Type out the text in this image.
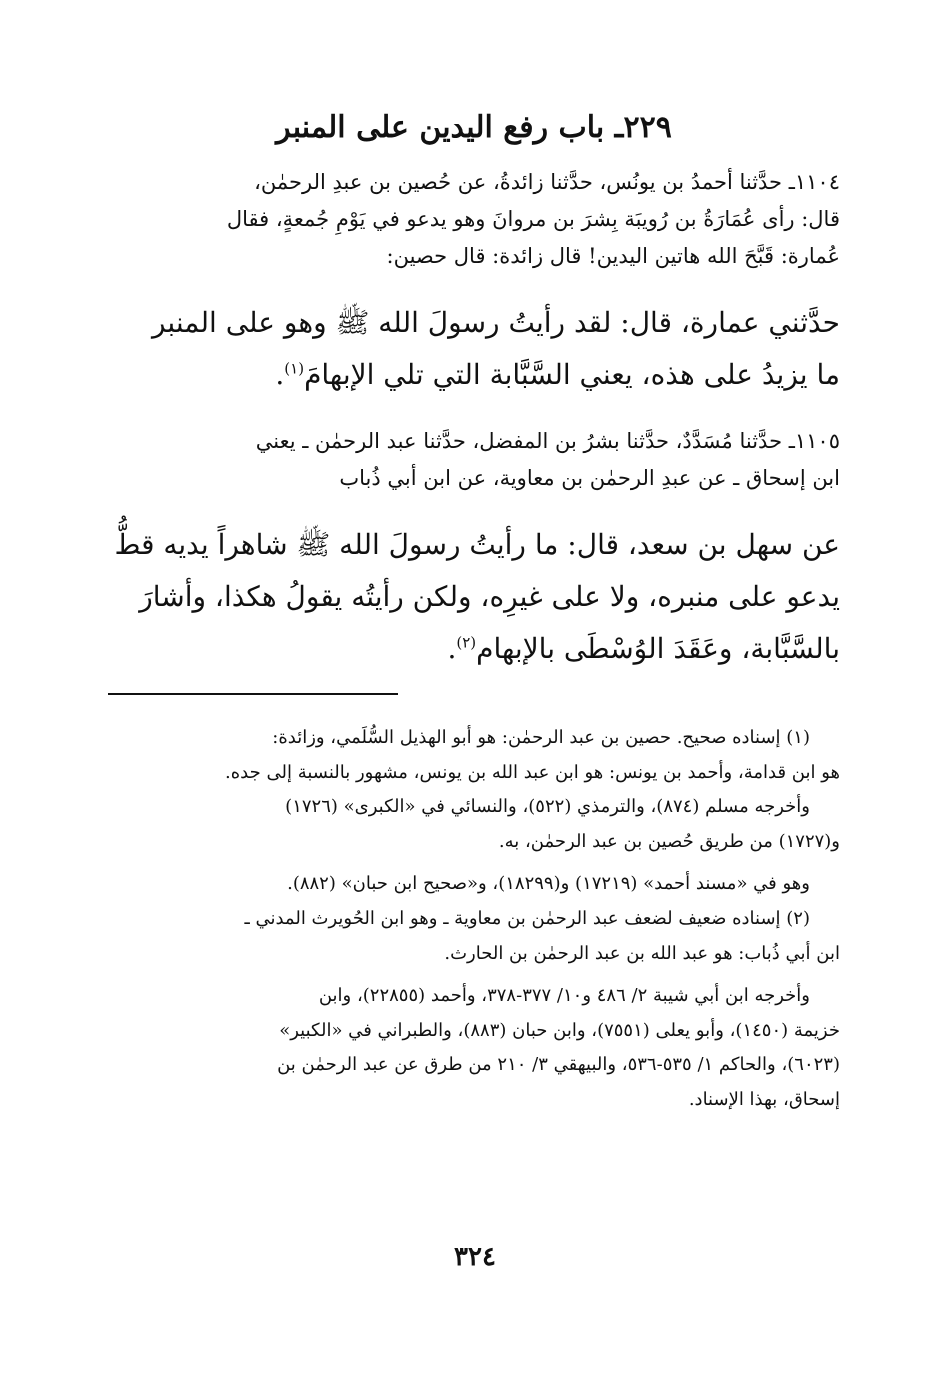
٢٢٩ـ باب رفع اليدين على المنبر

١١٠٤ـ حدَّثنا أحمدُ بن يونُس، حدَّثنا زائدةُ، عن حُصين بن عبدِ الرحمٰن،

قال: رأى عُمَارَةُ بن رُويبَة بِشرَ بن مروانَ وهو يدعو في يَوْمِ جُمعةٍ، فقال

عُمارة: قَبَّحَ الله هاتين اليدين! قال زائدة: قال حصين:

حدَّثني عمارة، قال: لقد رأيتُ رسولَ الله ﷺ وهو على المنبر

ما يزيدُ على هذه، يعني السَّبَّابة التي تلي الإبهامَ$^{(١)}$.

١١٠٥ـ حدَّثنا مُسَدَّدٌ، حدَّثنا بشرُ بن المفضل، حدَّثنا عبد الرحمٰن ـ يعني

ابن إسحاق ـ عن عبدِ الرحمٰن بن معاوية، عن ابن أبي ذُباب

عن سهل بن سعد، قال: ما رأيتُ رسولَ الله ﷺ شاهراً يديه قطُّ

يدعو على منبره، ولا على غيرِه، ولكن رأيتُه يقولُ هكذا، وأشارَ

بالسَّبَّابة، وعَقَدَ الوُسْطَى بالإبهام$^{(٢)}$.

(١) إسناده صحيح. حصين بن عبد الرحمٰن: هو أبو الهذيل السُّلَمي، وزائدة:

هو ابن قدامة، وأحمد بن يونس: هو ابن عبد الله بن يونس، مشهور بالنسبة إلى جده.

وأخرجه مسلم (٨٧٤)، والترمذي (٥٢٢)، والنسائي في «الكبرى» (١٧٢٦)

و(١٧٢٧) من طريق حُصين بن عبد الرحمٰن، به.

وهو في «مسند أحمد» (١٧٢١٩) و(١٨٢٩٩)، و«صحيح ابن حبان» (٨٨٢).

(٢) إسناده ضعيف لضعف عبد الرحمٰن بن معاوية ـ وهو ابن الحُويرث المدني ـ

ابن أبي ذُباب: هو عبد الله بن عبد الرحمٰن بن الحارث.

وأخرجه ابن أبي شيبة ٢/ ٤٨٦ و١٠/ ٣٧٧-٣٧٨، وأحمد (٢٢٨٥٥)، وابن

خزيمة (١٤٥٠)، وأبو يعلى (٧٥٥١)، وابن حبان (٨٨٣)، والطبراني في «الكبير»

(٦٠٢٣)، والحاكم ١/ ٥٣٥-٥٣٦، والبيهقي ٣/ ٢١٠ من طرق عن عبد الرحمٰن بن

إسحاق، بهذا الإسناد.

٣٢٤
